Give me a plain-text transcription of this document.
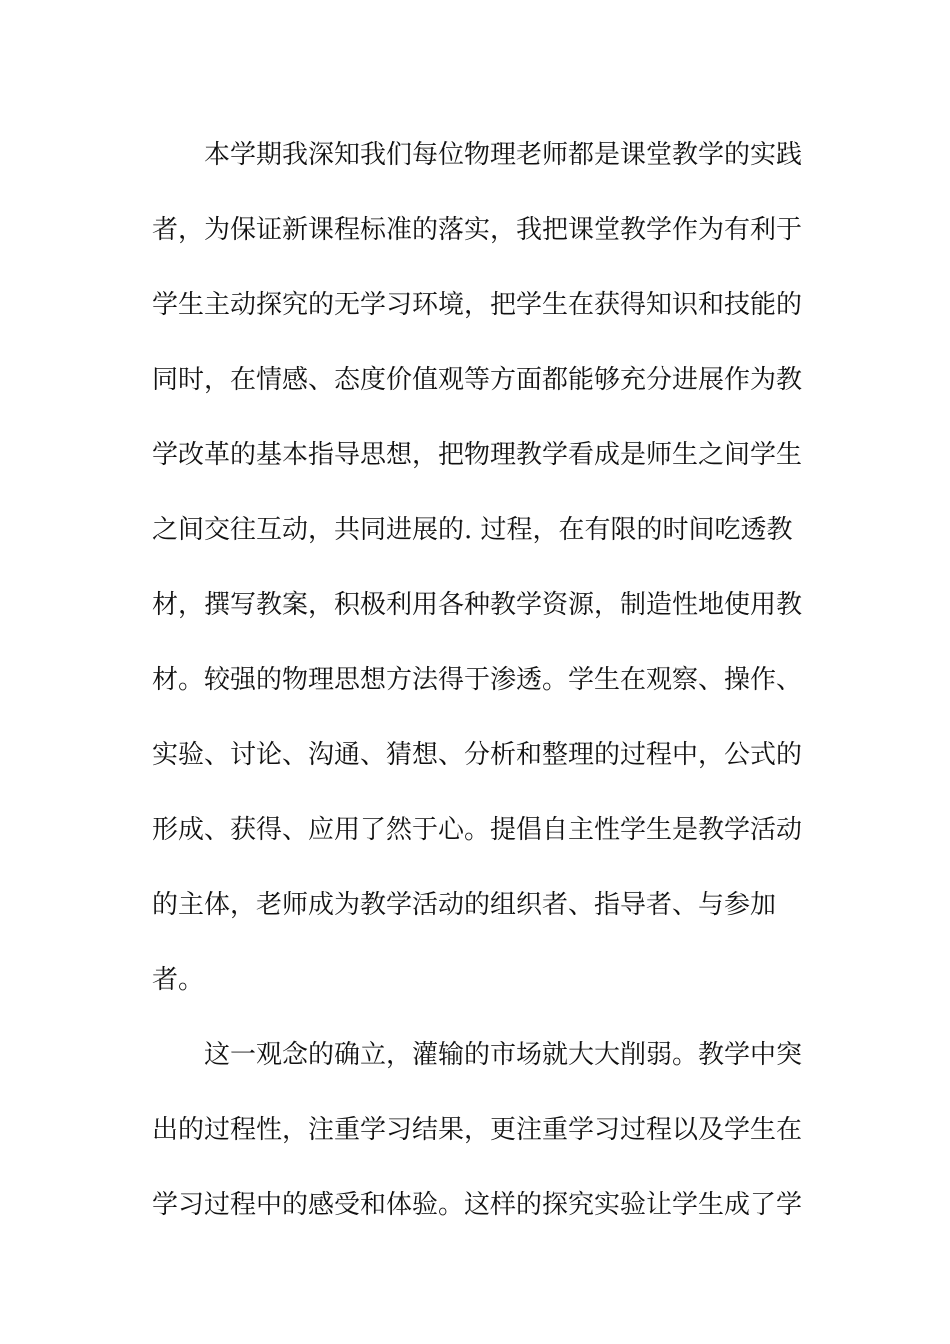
本学期我深知我们每位物理老师都是课堂教学的实践
者，为保证新课程标准的落实，我把课堂教学作为有利于
学生主动探究的无学习环境，把学生在获得知识和技能的
同时，在情感、态度价值观等方面都能够充分进展作为教
学改革的基本指导思想，把物理教学看成是师生之间学生
之间交往互动，共同进展的. 过程，在有限的时间吃透教
材，撰写教案，积极利用各种教学资源，制造性地使用教
材。较强的物理思想方法得于渗透。学生在观察、操作、
实验、讨论、沟通、猜想、分析和整理的过程中，公式的
形成、获得、应用了然于心。提倡自主性学生是教学活动
的主体，老师成为教学活动的组织者、指导者、与参加
者。
这一观念的确立，灌输的市场就大大削弱。教学中突
出的过程性，注重学习结果，更注重学习过程以及学生在
学习过程中的感受和体验。这样的探究实验让学生成了学
